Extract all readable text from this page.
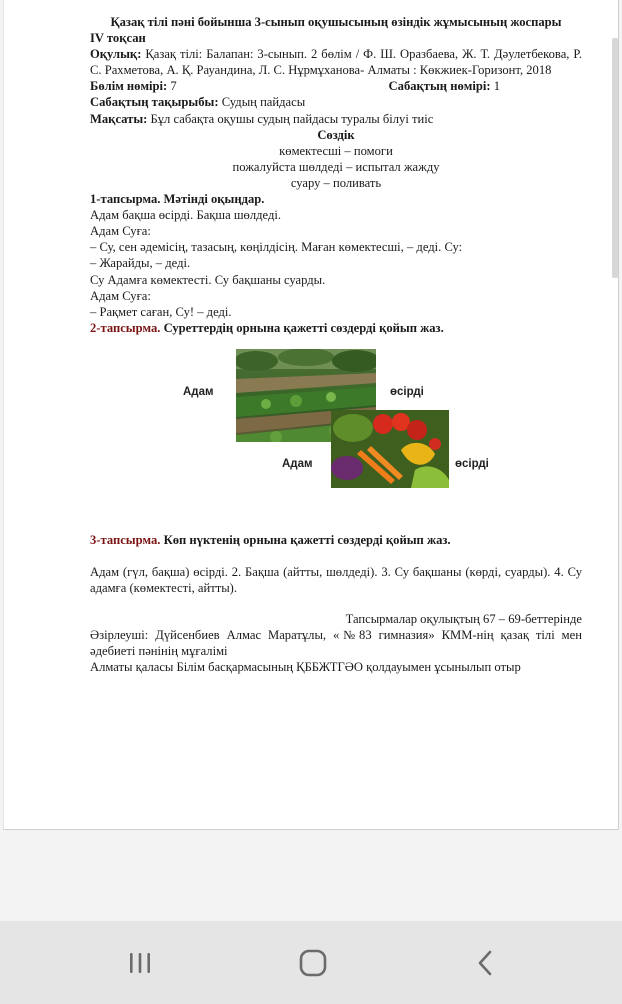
Қазақ тілі пәні бойынша 3-сынып оқушысының өзіндік жұмысының жоспары

IV тоқсан

Оқулық: Қазақ тілі: Балапан: 3-сынып. 2 бөлім / Ф. Ш. Оразбаева, Ж. Т. Дәулетбекова, Р. С. Рахметова, А. Қ. Рауандина, Л. С. Нұрмұханова- Алматы : Көкжиек-Горизонт, 2018

Бөлім нөмірі: 7	Сабақтың нөмірі: 1

Сабақтың тақырыбы: Судың пайдасы

Мақсаты: Бұл сабақта оқушы судың пайдасы туралы білуі тиіс

Сөздік

көмектесші – помоги

пожалуйста шөлдеді – испытал жажду

суару – поливать

1-тапсырма. Мәтінді оқыңдар.

Адам бақша өсірді. Бақша шөлдеді.

Адам Суға:

– Су, сен әдемісің, тазасың, көңілдісің. Маған көмектесші, – деді. Су:

– Жарайды, – деді.

Су Адамға көмектесті. Су бақшаны суарды.

Адам Суға:

– Рақмет саған, Су! – деді.

2-тапсырма. Суреттердің орнына қажетті сөздерді қойып жаз.

Адам	өсірді
Адам	өсірді

3-тапсырма. Көп нүктенің орнына қажетті сөздерді қойып жаз.

Адам (гүл, бақша) өсірді. 2. Бақша (айтты, шөлдеді). 3. Су бақшаны (көрді, суарды). 4. Су адамға (көмектесті, айтты).

Тапсырмалар оқулықтың 67 – 69-беттерінде

Әзірлеуші: Дүйсенбиев Алмас Маратұлы, «№83 гимназия» КММ-нің қазақ тілі мен әдебиеті пәнінің мұғалімі

Алматы қаласы Білім басқармасының ҚББЖТГӘО қолдауымен ұсынылып отыр
